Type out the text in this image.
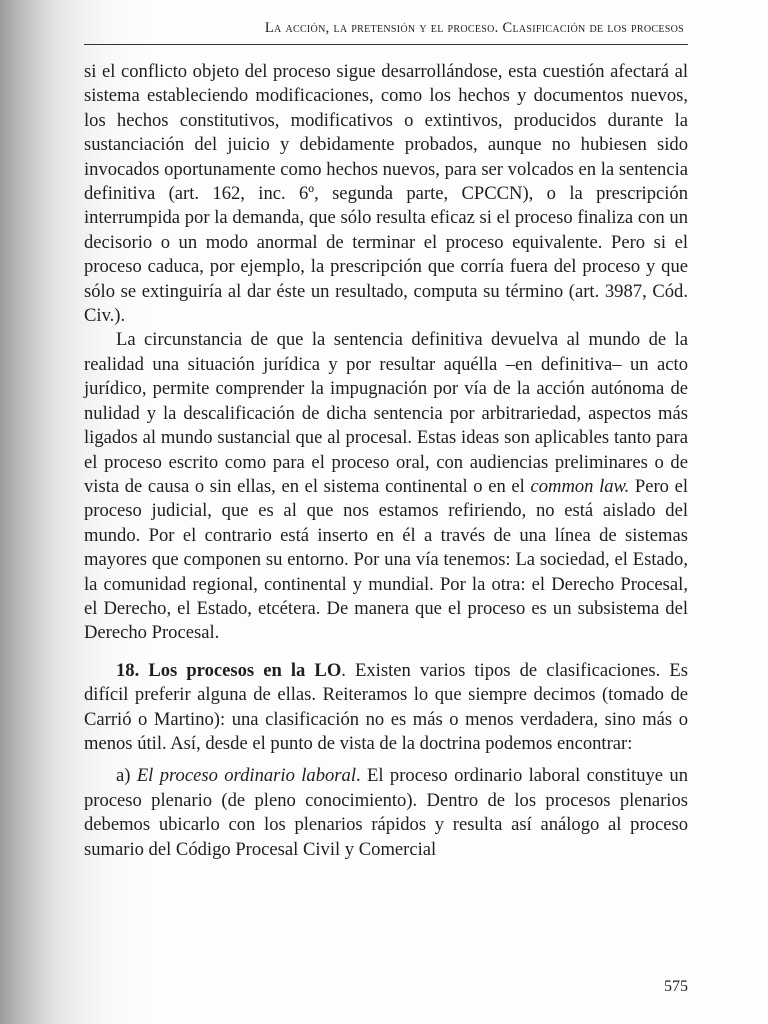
La acción, la pretensión y el proceso. Clasificación de los procesos

si el conflicto objeto del proceso sigue desarrollándose, esta cuestión afectará al sistema estableciendo modificaciones, como los hechos y documentos nuevos, los hechos constitutivos, modificativos o extintivos, producidos durante la sustanciación del juicio y debidamente probados, aunque no hubiesen sido invocados oportunamente como hechos nuevos, para ser volcados en la sentencia definitiva (art. 162, inc. 6º, segunda parte, CPCCN), o la prescripción interrumpida por la demanda, que sólo resulta eficaz si el proceso finaliza con un decisorio o un modo anormal de terminar el proceso equivalente. Pero si el proceso caduca, por ejemplo, la prescripción que corría fuera del proceso y que sólo se extinguiría al dar éste un resultado, computa su término (art. 3987, Cód. Civ.).

La circunstancia de que la sentencia definitiva devuelva al mundo de la realidad una situación jurídica y por resultar aquélla –en definitiva– un acto jurídico, permite comprender la impugnación por vía de la acción autónoma de nulidad y la descalificación de dicha sentencia por arbitrariedad, aspectos más ligados al mundo sustancial que al procesal. Estas ideas son aplicables tanto para el proceso escrito como para el proceso oral, con audiencias preliminares o de vista de causa o sin ellas, en el sistema continental o en el common law. Pero el proceso judicial, que es al que nos estamos refiriendo, no está aislado del mundo. Por el contrario está inserto en él a través de una línea de sistemas mayores que componen su entorno. Por una vía tenemos: La sociedad, el Estado, la comunidad regional, continental y mundial. Por la otra: el Derecho Procesal, el Derecho, el Estado, etcétera. De manera que el proceso es un subsistema del Derecho Procesal.

18. Los procesos en la LO. Existen varios tipos de clasificaciones. Es difícil preferir alguna de ellas. Reiteramos lo que siempre decimos (tomado de Carrió o Martino): una clasificación no es más o menos verdadera, sino más o menos útil. Así, desde el punto de vista de la doctrina podemos encontrar:

a) El proceso ordinario laboral. El proceso ordinario laboral constituye un proceso plenario (de pleno conocimiento). Dentro de los procesos plenarios debemos ubicarlo con los plenarios rápidos y resulta así análogo al proceso sumario del Código Procesal Civil y Comercial

575
